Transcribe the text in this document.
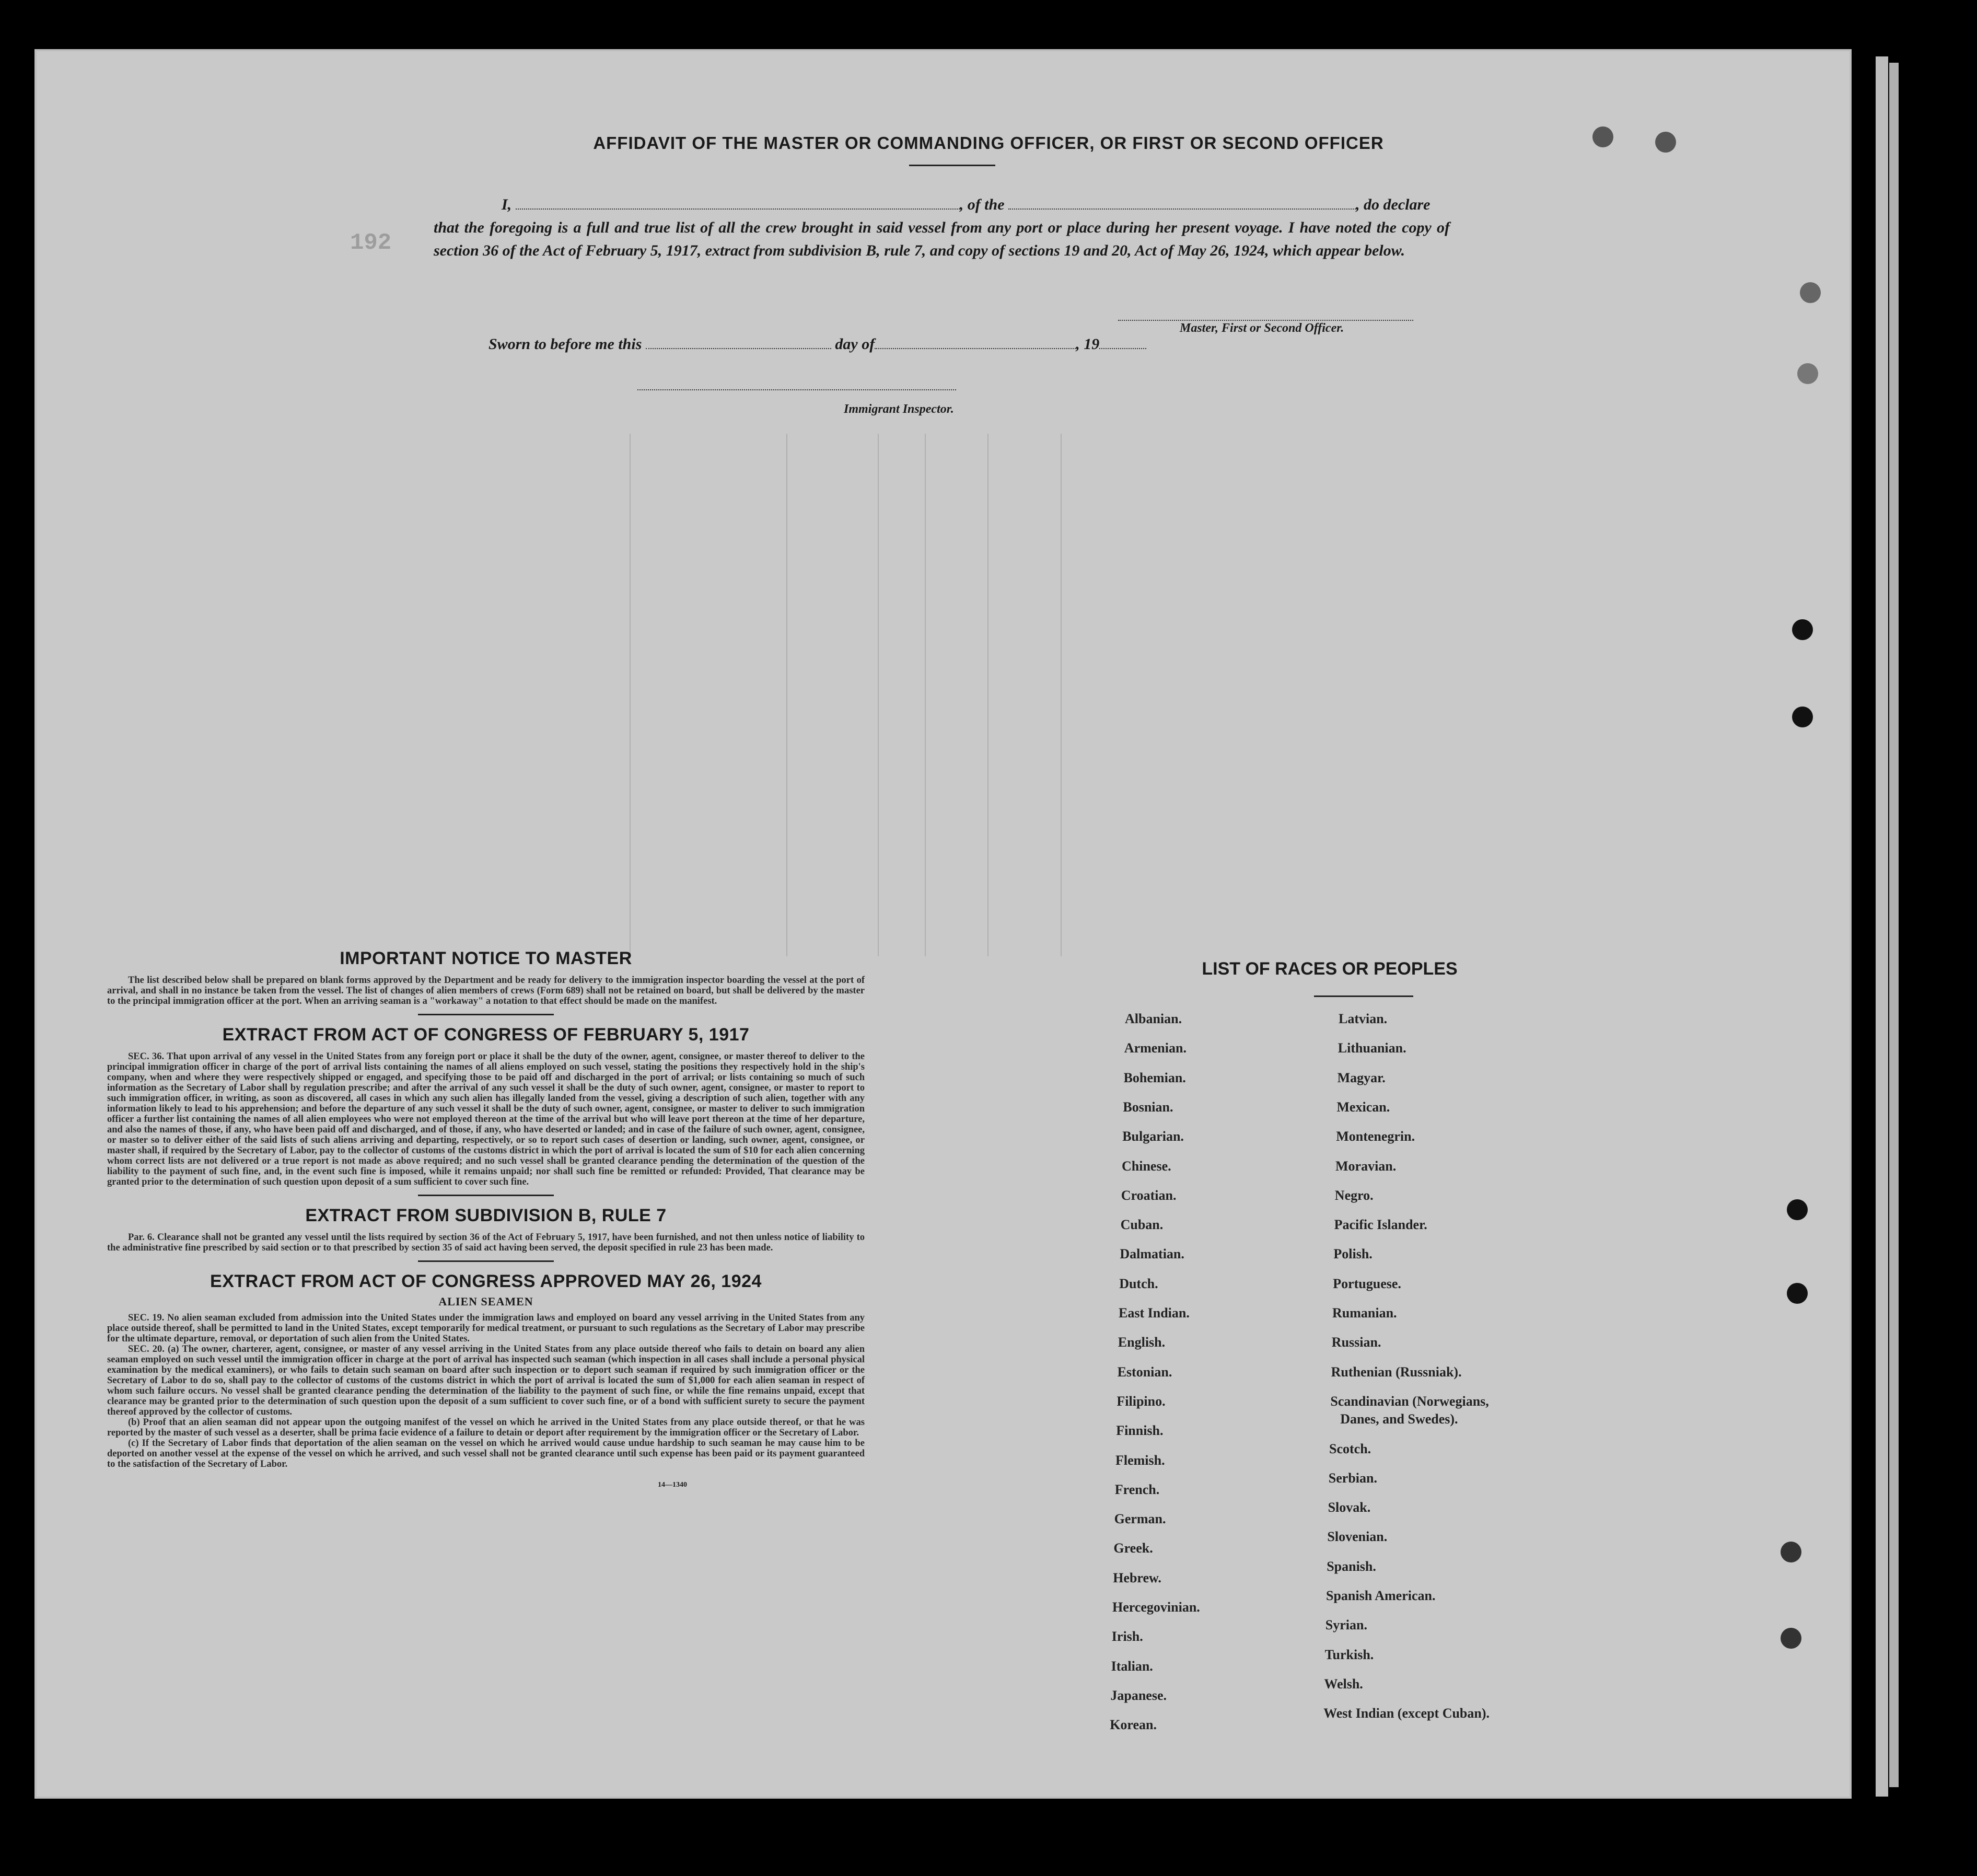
AFFIDAVIT OF THE MASTER OR COMMANDING OFFICER, OR FIRST OR SECOND OFFICER
192
I,	, of the	, do declare
that the foregoing is a full and true list of all the crew brought in said vessel from any port or place during her present voyage. I have noted the copy of section 36 of the Act of February 5, 1917, extract from subdivision B, rule 7, and copy of sections 19 and 20, Act of May 26, 1924, which appear below.
Master, First or Second Officer.
Sworn to before me this	day of	, 19
Immigrant Inspector.
IMPORTANT NOTICE TO MASTER

The list described below shall be prepared on blank forms approved by the Department and be ready for delivery to the immigration inspector boarding the vessel at the port of arrival, and shall in no instance be taken from the vessel. The list of changes of alien members of crews (Form 689) shall not be retained on board, but shall be delivered by the master to the principal immigration officer at the port. When an arriving seaman is a "workaway" a notation to that effect should be made on the manifest.

EXTRACT FROM ACT OF CONGRESS OF FEBRUARY 5, 1917

SEC. 36. That upon arrival of any vessel in the United States from any foreign port or place it shall be the duty of the owner, agent, consignee, or master thereof to deliver to the principal immigration officer in charge of the port of arrival lists containing the names of all aliens employed on such vessel, stating the positions they respectively hold in the ship's company, when and where they were respectively shipped or engaged, and specifying those to be paid off and discharged in the port of arrival; or lists containing so much of such information as the Secretary of Labor shall by regulation prescribe; and after the arrival of any such vessel it shall be the duty of such owner, agent, consignee, or master to report to such immigration officer, in writing, as soon as discovered, all cases in which any such alien has illegally landed from the vessel, giving a description of such alien, together with any information likely to lead to his apprehension; and before the departure of any such vessel it shall be the duty of such owner, agent, consignee, or master to deliver to such immigration officer a further list containing the names of all alien employees who were not employed thereon at the time of the arrival but who will leave port thereon at the time of her departure, and also the names of those, if any, who have been paid off and discharged, and of those, if any, who have deserted or landed; and in case of the failure of such owner, agent, consignee, or master so to deliver either of the said lists of such aliens arriving and departing, respectively, or so to report such cases of desertion or landing, such owner, agent, consignee, or master shall, if required by the Secretary of Labor, pay to the collector of customs of the customs district in which the port of arrival is located the sum of $10 for each alien concerning whom correct lists are not delivered or a true report is not made as above required; and no such vessel shall be granted clearance pending the determination of the question of the liability to the payment of such fine, and, in the event such fine is imposed, while it remains unpaid; nor shall such fine be remitted or refunded: Provided, That clearance may be granted prior to the determination of such question upon deposit of a sum sufficient to cover such fine.

EXTRACT FROM SUBDIVISION B, RULE 7

Par. 6. Clearance shall not be granted any vessel until the lists required by section 36 of the Act of February 5, 1917, have been furnished, and not then unless notice of liability to the administrative fine prescribed by said section or to that prescribed by section 35 of said act having been served, the deposit specified in rule 23 has been made.

EXTRACT FROM ACT OF CONGRESS APPROVED MAY 26, 1924
ALIEN SEAMEN

SEC. 19. No alien seaman excluded from admission into the United States under the immigration laws and employed on board any vessel arriving in the United States from any place outside thereof, shall be permitted to land in the United States, except temporarily for medical treatment, or pursuant to such regulations as the Secretary of Labor may prescribe for the ultimate departure, removal, or deportation of such alien from the United States.

SEC. 20. (a) The owner, charterer, agent, consignee, or master of any vessel arriving in the United States from any place outside thereof who fails to detain on board any alien seaman employed on such vessel until the immigration officer in charge at the port of arrival has inspected such seaman (which inspection in all cases shall include a personal physical examination by the medical examiners), or who fails to detain such seaman on board after such inspection or to deport such seaman if required by such immigration officer or the Secretary of Labor to do so, shall pay to the collector of customs of the customs district in which the port of arrival is located the sum of $1,000 for each alien seaman in respect of whom such failure occurs. No vessel shall be granted clearance pending the determination of the liability to the payment of such fine, or while the fine remains unpaid, except that clearance may be granted prior to the determination of such question upon the deposit of a sum sufficient to cover such fine, or of a bond with sufficient surety to secure the payment thereof approved by the collector of customs.

(b) Proof that an alien seaman did not appear upon the outgoing manifest of the vessel on which he arrived in the United States from any place outside thereof, or that he was reported by the master of such vessel as a deserter, shall be prima facie evidence of a failure to detain or deport after requirement by the immigration officer or the Secretary of Labor.

(c) If the Secretary of Labor finds that deportation of the alien seaman on the vessel on which he arrived would cause undue hardship to such seaman he may cause him to be deported on another vessel at the expense of the vessel on which he arrived, and such vessel shall not be granted clearance until such expense has been paid or its payment guaranteed to the satisfaction of the Secretary of Labor.

14—1340
LIST OF RACES OR PEOPLES
Albanian.
Armenian.
Bohemian.
Bosnian.
Bulgarian.
Chinese.
Croatian.
Cuban.
Dalmatian.
Dutch.
East Indian.
English.
Estonian.
Filipino.
Finnish.
Flemish.
French.
German.
Greek.
Hebrew.
Hercegovinian.
Irish.
Italian.
Japanese.
Korean.
Latvian.
Lithuanian.
Magyar.
Mexican.
Montenegrin.
Moravian.
Negro.
Pacific Islander.
Polish.
Portuguese.
Rumanian.
Russian.
Ruthenian (Russniak).
Scandinavian (Norwegians,
Danes, and Swedes).
Scotch.
Serbian.
Slovak.
Slovenian.
Spanish.
Spanish American.
Syrian.
Turkish.
Welsh.
West Indian (except Cuban).
